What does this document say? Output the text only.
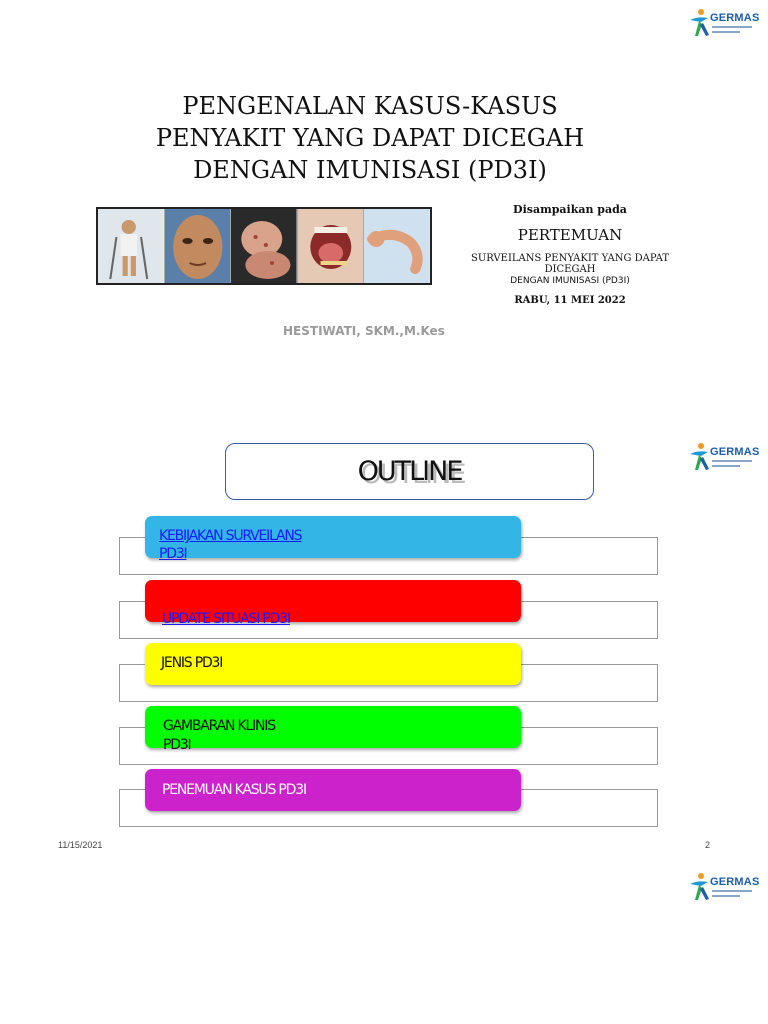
GERMAS
GERMAS
GERMAS
PENGENALAN KASUS-KASUS
PENYAKIT YANG DAPAT DICEGAH
DENGAN IMUNISASI (PD3I)
Disampaikan pada
PERTEMUAN
SURVEILANS PENYAKIT YANG DAPAT DICEGAH
DENGAN IMUNISASI (PD3I)
RABU, 11 MEI 2022
HESTIWATI, SKM.,M.Kes
OUTLINE
KEBIJAKAN SURVEILANS
PD3I
UPDATE SITUASI PD3I
JENIS PD3I
GAMBARAN KLINIS
PD3I
PENEMUAN KASUS PD3I
11/15/2021	2
